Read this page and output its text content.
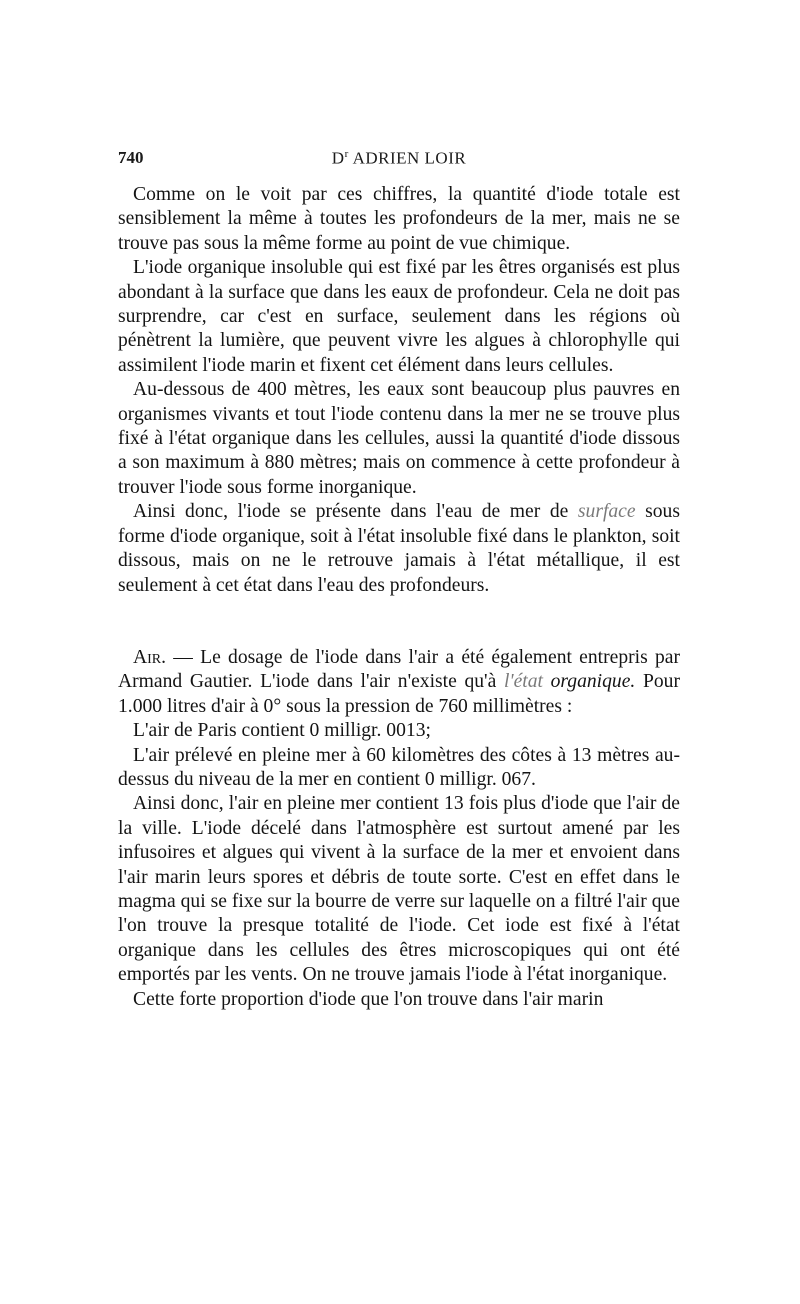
740	$D^r$ ADRIEN LOIR

Comme on le voit par ces chiffres, la quantité d'iode totale est sensiblement la même à toutes les profondeurs de la mer, mais ne se trouve pas sous la même forme au point de vue chimique.

L'iode organique insoluble qui est fixé par les êtres organisés est plus abondant à la surface que dans les eaux de profondeur. Cela ne doit pas surprendre, car c'est en surface, seulement dans les régions où pénètrent la lumière, que peuvent vivre les algues à chlorophylle qui assimilent l'iode marin et fixent cet élément dans leurs cellules.

Au-dessous de 400 mètres, les eaux sont beaucoup plus pauvres en organismes vivants et tout l'iode contenu dans la mer ne se trouve plus fixé à l'état organique dans les cellules, aussi la quantité d'iode dissous a son maximum à 880 mètres; mais on commence à cette profondeur à trouver l'iode sous forme inorganique.

Ainsi donc, l'iode se présente dans l'eau de mer de surface sous forme d'iode organique, soit à l'état insoluble fixé dans le plankton, soit dissous, mais on ne le retrouve jamais à l'état métallique, il est seulement à cet état dans l'eau des profondeurs.

Air. — Le dosage de l'iode dans l'air a été également entrepris par Armand Gautier. L'iode dans l'air n'existe qu'à l'état organique. Pour 1.000 litres d'air à 0° sous la pression de 760 millimètres :

L'air de Paris contient 0 milligr. 0013;

L'air prélevé en pleine mer à 60 kilomètres des côtes à 13 mètres au-dessus du niveau de la mer en contient 0 milligr. 067.

Ainsi donc, l'air en pleine mer contient 13 fois plus d'iode que l'air de la ville. L'iode décelé dans l'atmosphère est surtout amené par les infusoires et algues qui vivent à la surface de la mer et envoient dans l'air marin leurs spores et débris de toute sorte. C'est en effet dans le magma qui se fixe sur la bourre de verre sur laquelle on a filtré l'air que l'on trouve la presque totalité de l'iode. Cet iode est fixé à l'état organique dans les cellules des êtres microscopiques qui ont été emportés par les vents. On ne trouve jamais l'iode à l'état inorganique.

Cette forte proportion d'iode que l'on trouve dans l'air marin
